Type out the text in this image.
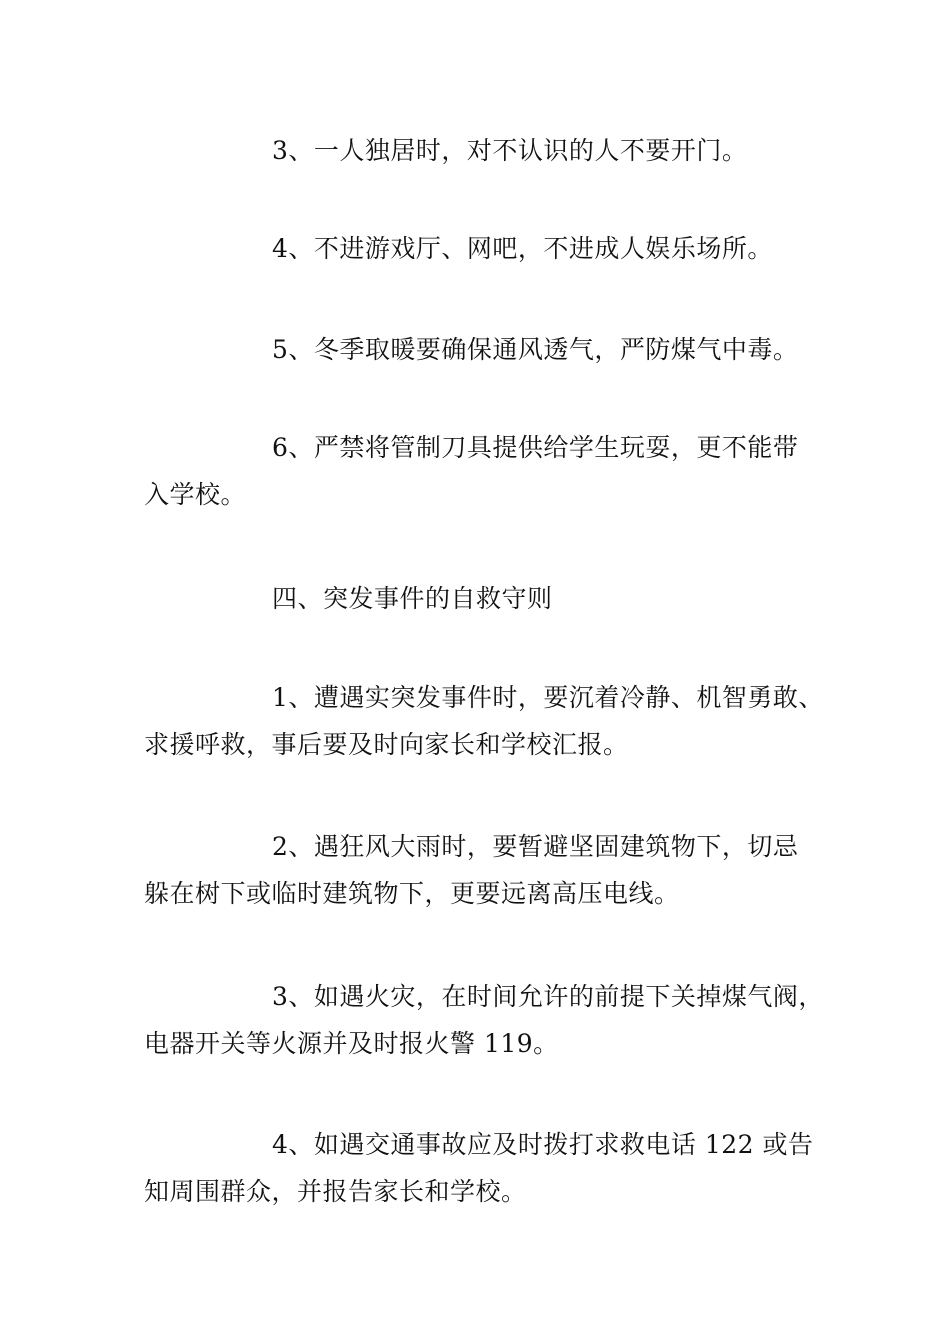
3、一人独居时，对不认识的人不要开门。

4、不进游戏厅、网吧，不进成人娱乐场所。

5、冬季取暖要确保通风透气，严防煤气中毒。

6、严禁将管制刀具提供给学生玩耍，更不能带
入学校。

四、突发事件的自救守则

1、遭遇实突发事件时，要沉着冷静、机智勇敢、
求援呼救，事后要及时向家长和学校汇报。

2、遇狂风大雨时，要暂避坚固建筑物下，切忌
躲在树下或临时建筑物下，更要远离高压电线。

3、如遇火灾，在时间允许的前提下关掉煤气阀，
电器开关等火源并及时报火警 119。

4、如遇交通事故应及时拨打求救电话 122 或告
知周围群众，并报告家长和学校。
